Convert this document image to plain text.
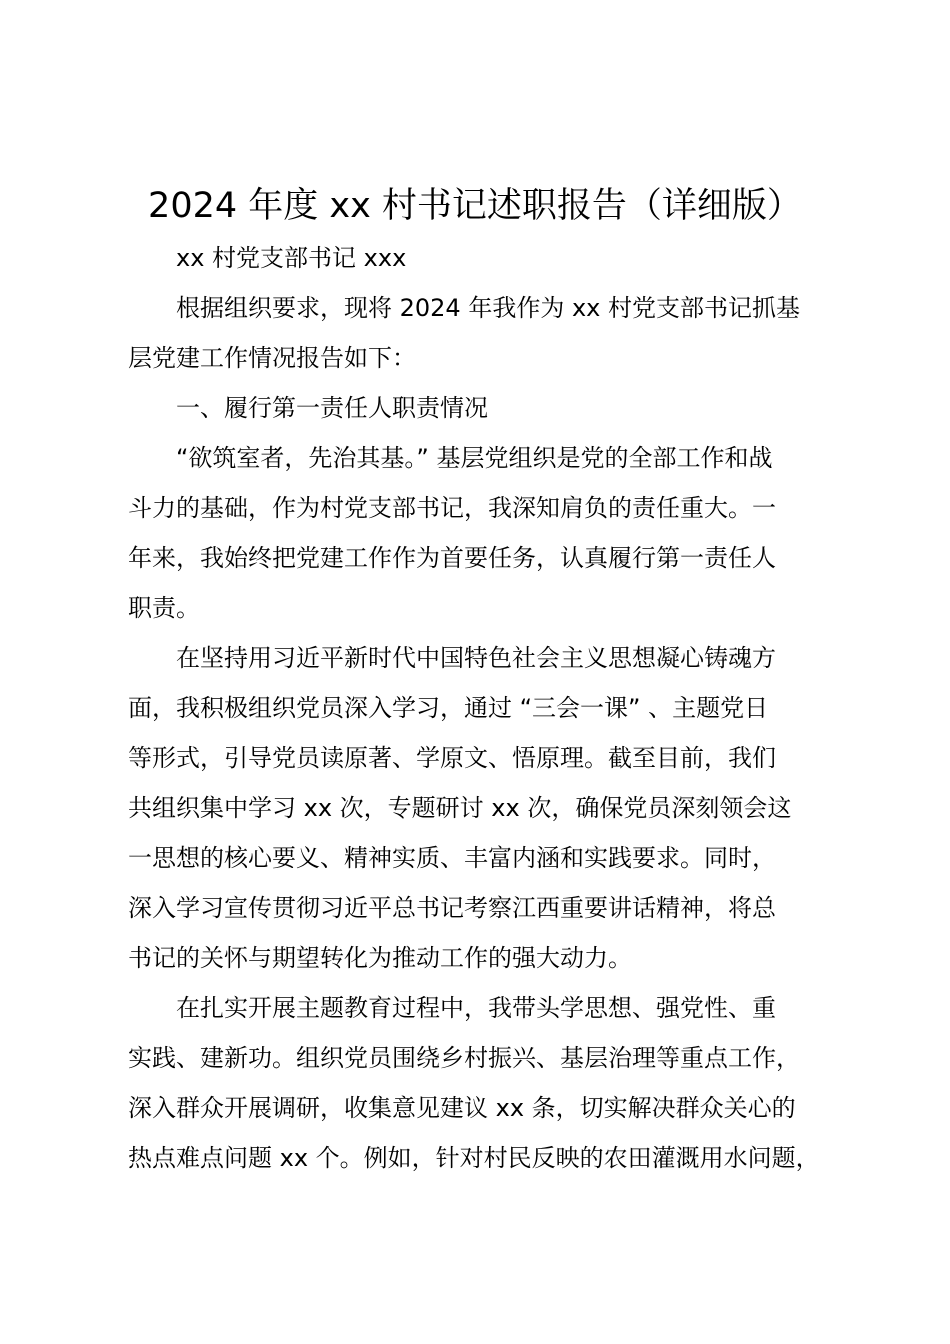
2024 年度 xx 村书记述职报告（详细版）
xx 村党支部书记 xxx
根据组织要求，现将 2024 年我作为 xx 村党支部书记抓基
层党建工作情况报告如下：
一、履行第一责任人职责情况
“欲筑室者，先治其基。” 基层党组织是党的全部工作和战
斗力的基础，作为村党支部书记，我深知肩负的责任重大。一
年来，我始终把党建工作作为首要任务，认真履行第一责任人
职责。
在坚持用习近平新时代中国特色社会主义思想凝心铸魂方
面，我积极组织党员深入学习，通过 “三会一课” 、主题党日
等形式，引导党员读原著、学原文、悟原理。截至目前，我们
共组织集中学习 xx 次，专题研讨 xx 次，确保党员深刻领会这
一思想的核心要义、精神实质、丰富内涵和实践要求。同时，
深入学习宣传贯彻习近平总书记考察江西重要讲话精神，将总
书记的关怀与期望转化为推动工作的强大动力。
在扎实开展主题教育过程中，我带头学思想、强党性、重
实践、建新功。组织党员围绕乡村振兴、基层治理等重点工作，
深入群众开展调研，收集意见建议 xx 条，切实解决群众关心的
热点难点问题 xx 个。例如，针对村民反映的农田灌溉用水问题，
